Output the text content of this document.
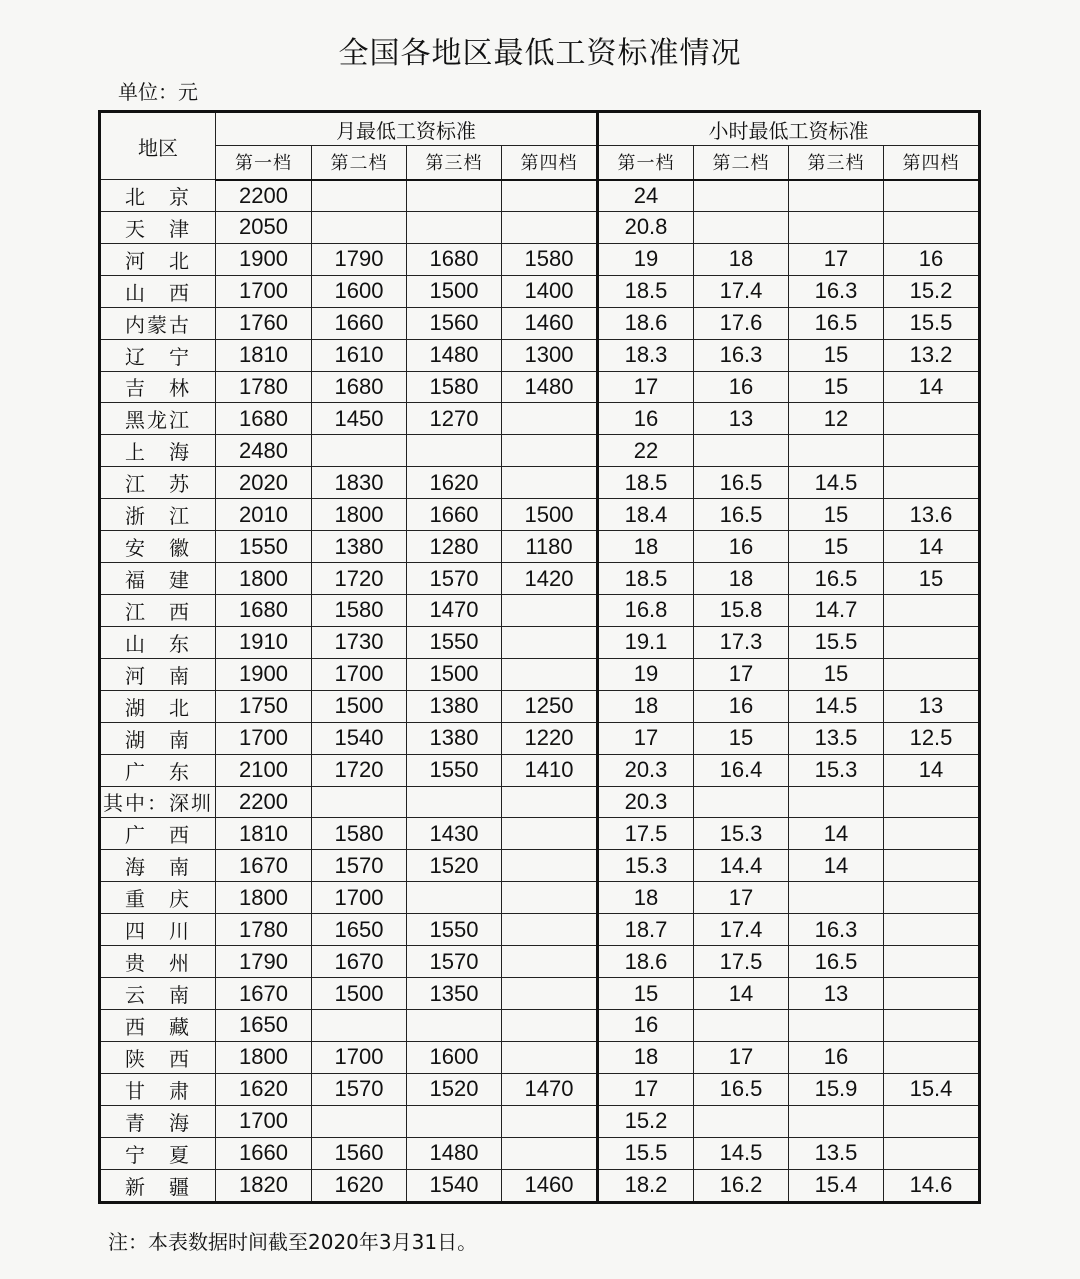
全国各地区最低工资标准情况
单位：元
地区	月最低工资标准				小时最低工资标准			
	第一档	第二档	第三档	第四档	第一档	第二档	第三档	第四档
北　京	2200				24			
天　津	2050				20.8			
河　北	1900	1790	1680	1580	19	18	17	16
山　西	1700	1600	1500	1400	18.5	17.4	16.3	15.2
内蒙古	1760	1660	1560	1460	18.6	17.6	16.5	15.5
辽　宁	1810	1610	1480	1300	18.3	16.3	15	13.2
吉　林	1780	1680	1580	1480	17	16	15	14
黑龙江	1680	1450	1270		16	13	12	
上　海	2480				22			
江　苏	2020	1830	1620		18.5	16.5	14.5	
浙　江	2010	1800	1660	1500	18.4	16.5	15	13.6
安　徽	1550	1380	1280	1180	18	16	15	14
福　建	1800	1720	1570	1420	18.5	18	16.5	15
江　西	1680	1580	1470		16.8	15.8	14.7	
山　东	1910	1730	1550		19.1	17.3	15.5	
河　南	1900	1700	1500		19	17	15	
湖　北	1750	1500	1380	1250	18	16	14.5	13
湖　南	1700	1540	1380	1220	17	15	13.5	12.5
广　东	2100	1720	1550	1410	20.3	16.4	15.3	14
其中：深圳	2200				20.3			
广　西	1810	1580	1430		17.5	15.3	14	
海　南	1670	1570	1520		15.3	14.4	14	
重　庆	1800	1700			18	17		
四　川	1780	1650	1550		18.7	17.4	16.3	
贵　州	1790	1670	1570		18.6	17.5	16.5	
云　南	1670	1500	1350		15	14	13	
西　藏	1650				16			
陕　西	1800	1700	1600		18	17	16	
甘　肃	1620	1570	1520	1470	17	16.5	15.9	15.4
青　海	1700				15.2			
宁　夏	1660	1560	1480		15.5	14.5	13.5	
新　疆	1820	1620	1540	1460	18.2	16.2	15.4	14.6
注：本表数据时间截至2020年3月31日。
